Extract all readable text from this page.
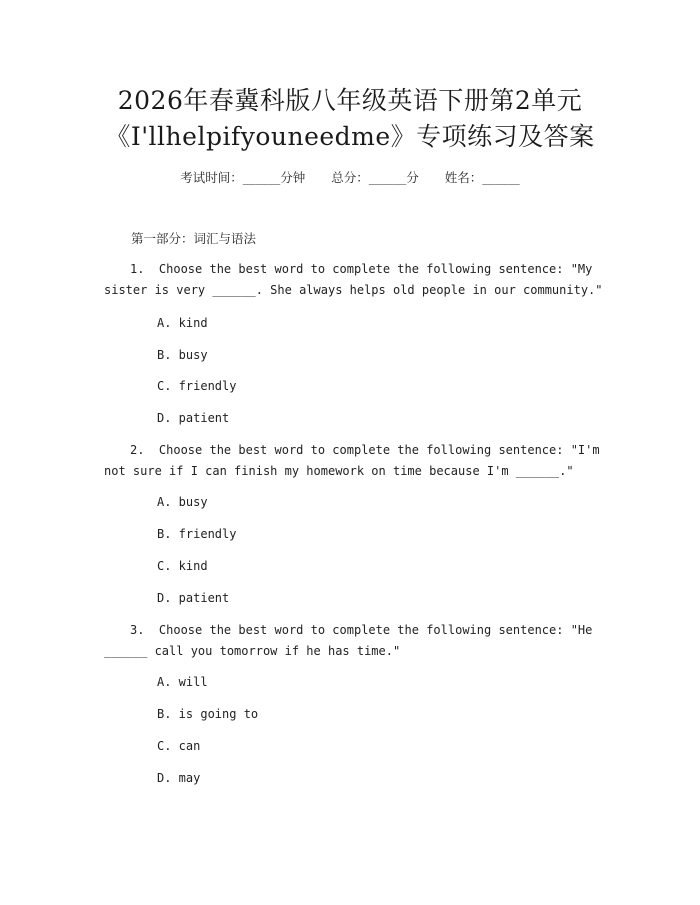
2026年春冀科版八年级英语下册第2单元
《I'llhelpifyouneedme》专项练习及答案
考试时间：______分钟 总分：______分 姓名：______
第一部分：词汇与语法
1.  Choose the best word to complete the following sentence: "My
sister is very ______. She always helps old people in our community."
A. kind
B. busy
C. friendly
D. patient
2.  Choose the best word to complete the following sentence: "I'm
not sure if I can finish my homework on time because I'm ______."
A. busy
B. friendly
C. kind
D. patient
3.  Choose the best word to complete the following sentence: "He
______ call you tomorrow if he has time."
A. will
B. is going to
C. can
D. may
